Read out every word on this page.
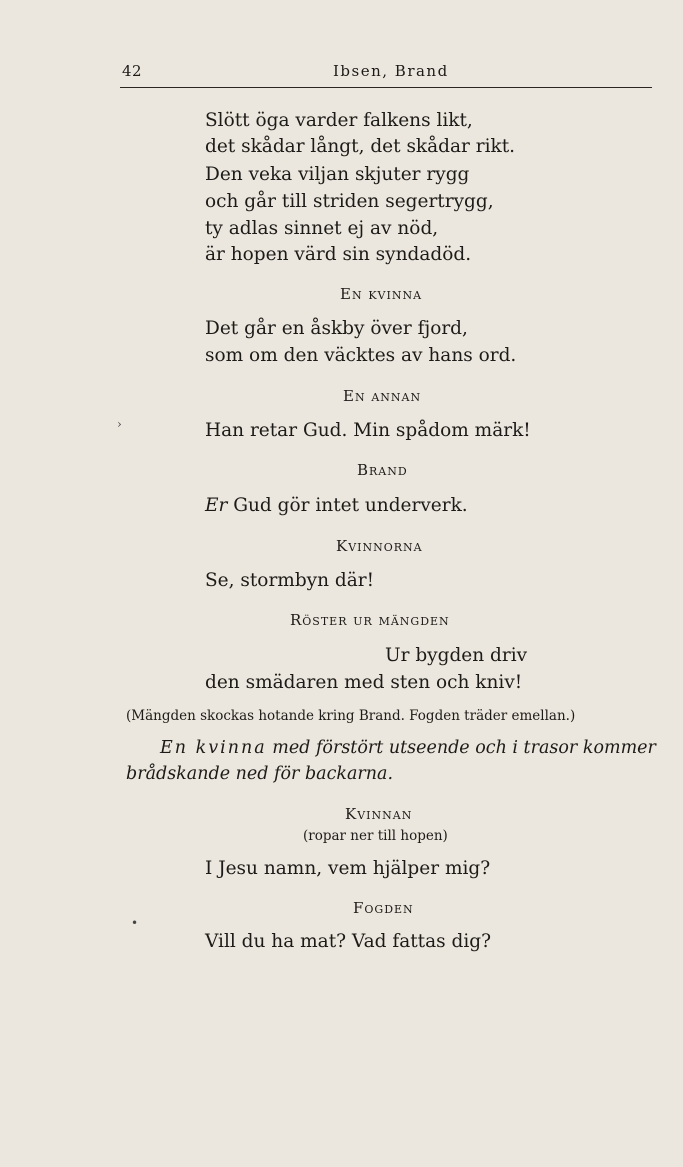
42	Ibsen, Brand
Slött öga varder falkens likt,
det skådar långt, det skådar rikt.
Den veka viljan skjuter rygg
och går till striden segertrygg,
ty adlas sinnet ej av nöd,
är hopen värd sin syndadöd.
En kvinna
Det går en åskby över fjord,
som om den väcktes av hans ord.
En annan
›	Han retar Gud. Min spådom märk!
Brand
Er Gud gör intet underverk.
Kvinnorna
Se, stormbyn där!
Röster ur mängden
Ur bygden driv
den smädaren med sten och kniv!
(Mängden skockas hotande kring Brand. Fogden träder emellan.)
En kvinna med förstört utseende och i trasor kommer
brådskande ned för backarna.
Kvinnan
(ropar ner till hopen)
I Jesu namn, vem hjälper mig?
Fogden
•
Vill du ha mat? Vad fattas dig?
